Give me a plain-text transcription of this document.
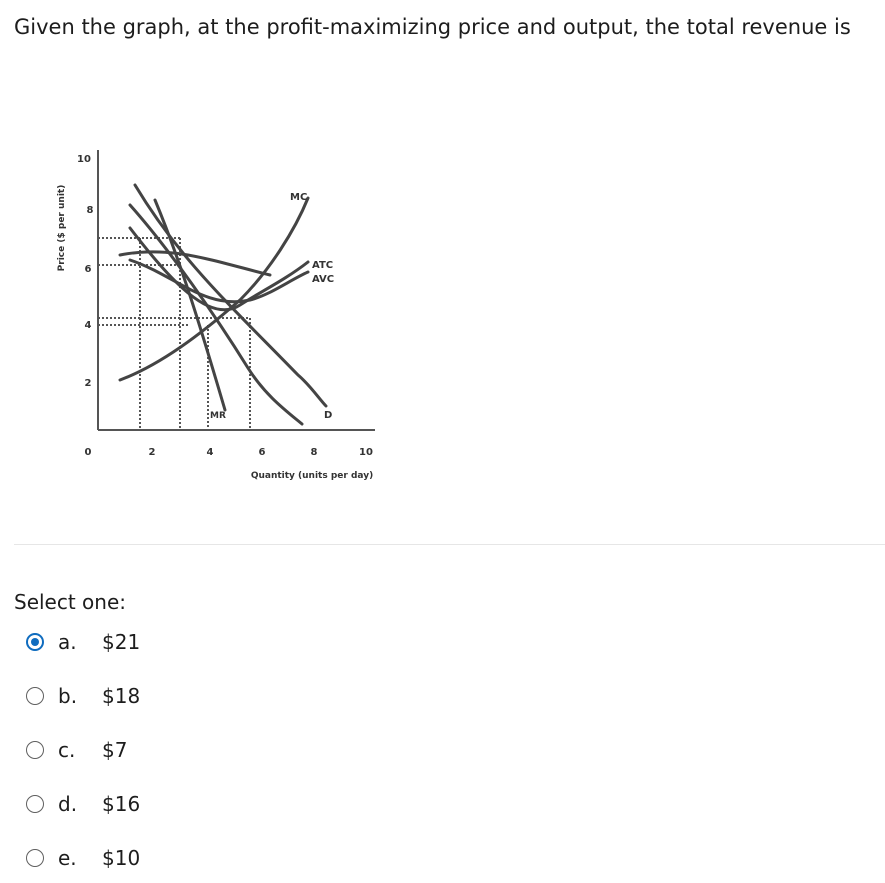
Given the graph, at the profit-maximizing price and output, the total revenue is
Price ($ per unit)
10
8
6
4
2
0	2	4	6	8	10
Quantity (units per day)
MC
ATC
AVC
MR	D
Select one:
a.	$21
b.	$18
c.	$7
d.	$16
e.	$10
